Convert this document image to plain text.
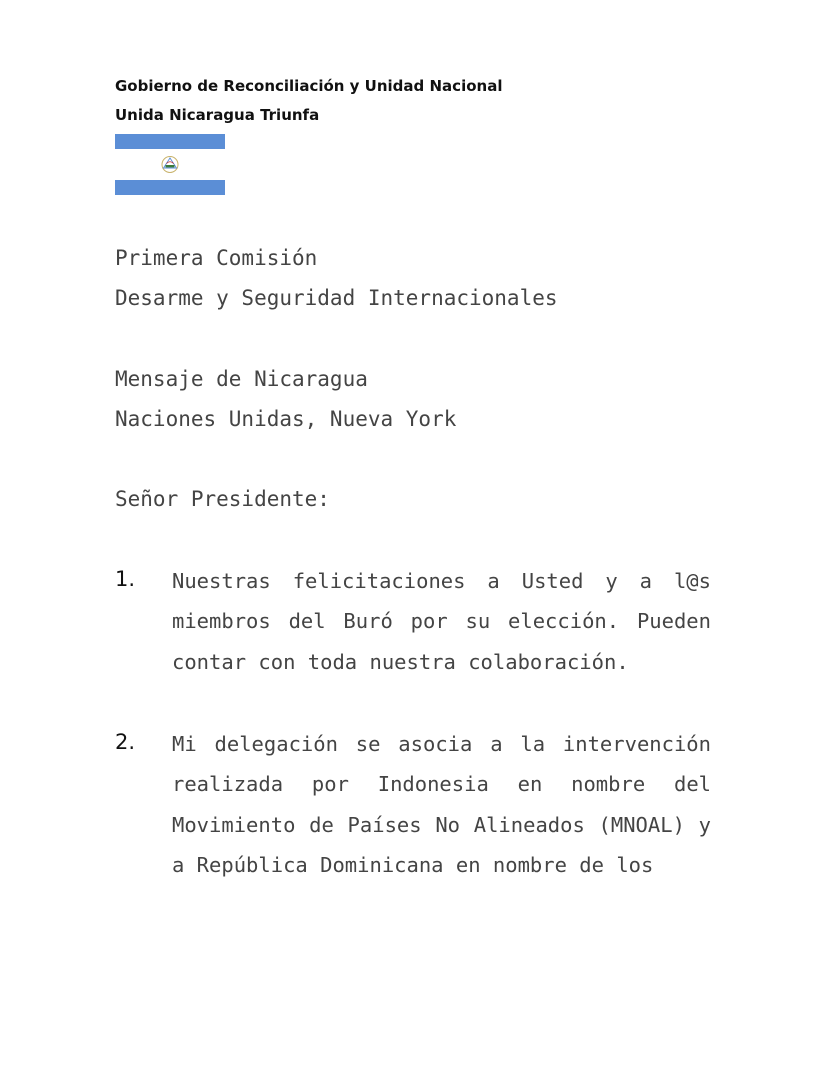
Gobierno de Reconciliación y Unidad Nacional
Unida Nicaragua Triunfa
Primera Comisión
Desarme y Seguridad Internacionales
Mensaje de Nicaragua
Naciones Unidas, Nueva York
Señor Presidente:
1. Nuestras felicitaciones a Usted y a l@s miembros del Buró por su elección. Pueden contar con toda nuestra colaboración.
2. Mi delegación se asocia a la intervención realizada por Indonesia en nombre del Movimiento de Países No Alineados (MNOAL) y a República Dominicana en nombre de los
